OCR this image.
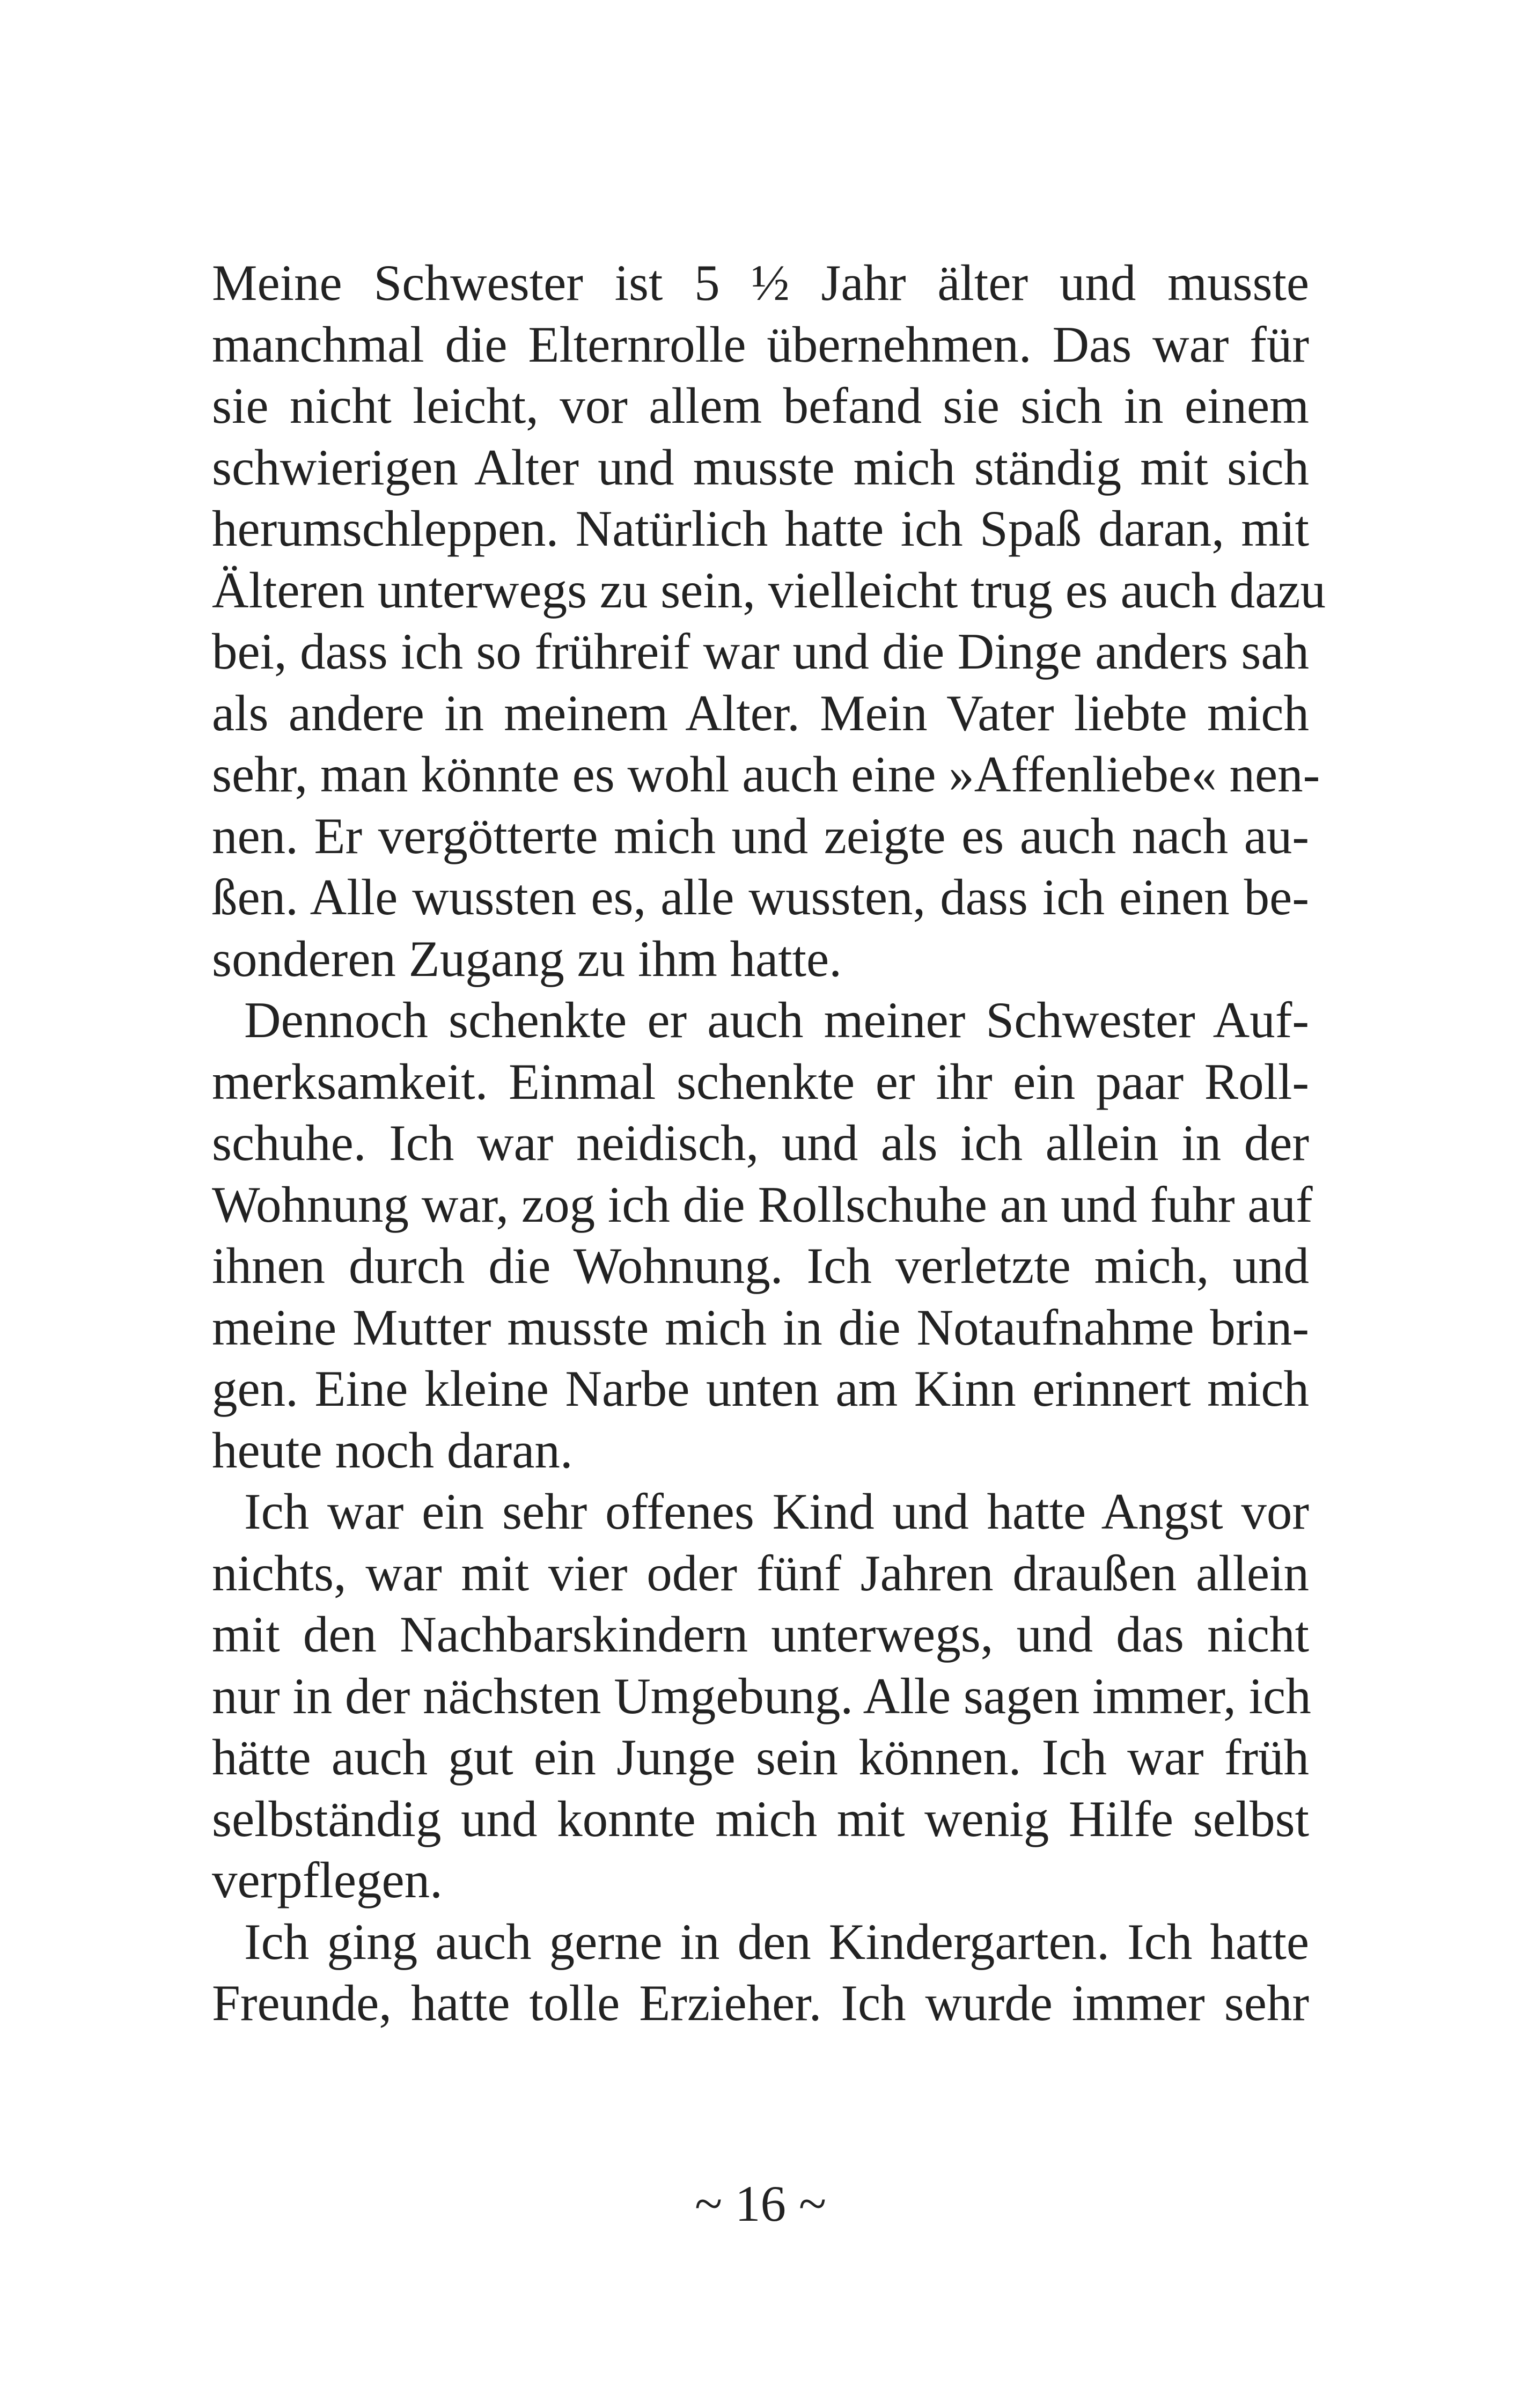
Meine Schwester ist 5 ½ Jahr älter und musste
manchmal die Elternrolle übernehmen. Das war für
sie nicht leicht, vor allem befand sie sich in einem
schwierigen Alter und musste mich ständig mit sich
herumschleppen. Natürlich hatte ich Spaß daran, mit
Älteren unterwegs zu sein, vielleicht trug es auch dazu
bei, dass ich so frühreif war und die Dinge anders sah
als andere in meinem Alter. Mein Vater liebte mich
sehr, man könnte es wohl auch eine »Affenliebe« nen-
nen. Er vergötterte mich und zeigte es auch nach au-
ßen. Alle wussten es, alle wussten, dass ich einen be-
sonderen Zugang zu ihm hatte.
Dennoch schenkte er auch meiner Schwester Auf-
merksamkeit. Einmal schenkte er ihr ein paar Roll-
schuhe. Ich war neidisch, und als ich allein in der
Wohnung war, zog ich die Rollschuhe an und fuhr auf
ihnen durch die Wohnung. Ich verletzte mich, und
meine Mutter musste mich in die Notaufnahme brin-
gen. Eine kleine Narbe unten am Kinn erinnert mich
heute noch daran.
Ich war ein sehr offenes Kind und hatte Angst vor
nichts, war mit vier oder fünf Jahren draußen allein
mit den Nachbarskindern unterwegs, und das nicht
nur in der nächsten Umgebung. Alle sagen immer, ich
hätte auch gut ein Junge sein können. Ich war früh
selbständig und konnte mich mit wenig Hilfe selbst
verpflegen.
Ich ging auch gerne in den Kindergarten. Ich hatte
Freunde, hatte tolle Erzieher. Ich wurde immer sehr
~ 16 ~
